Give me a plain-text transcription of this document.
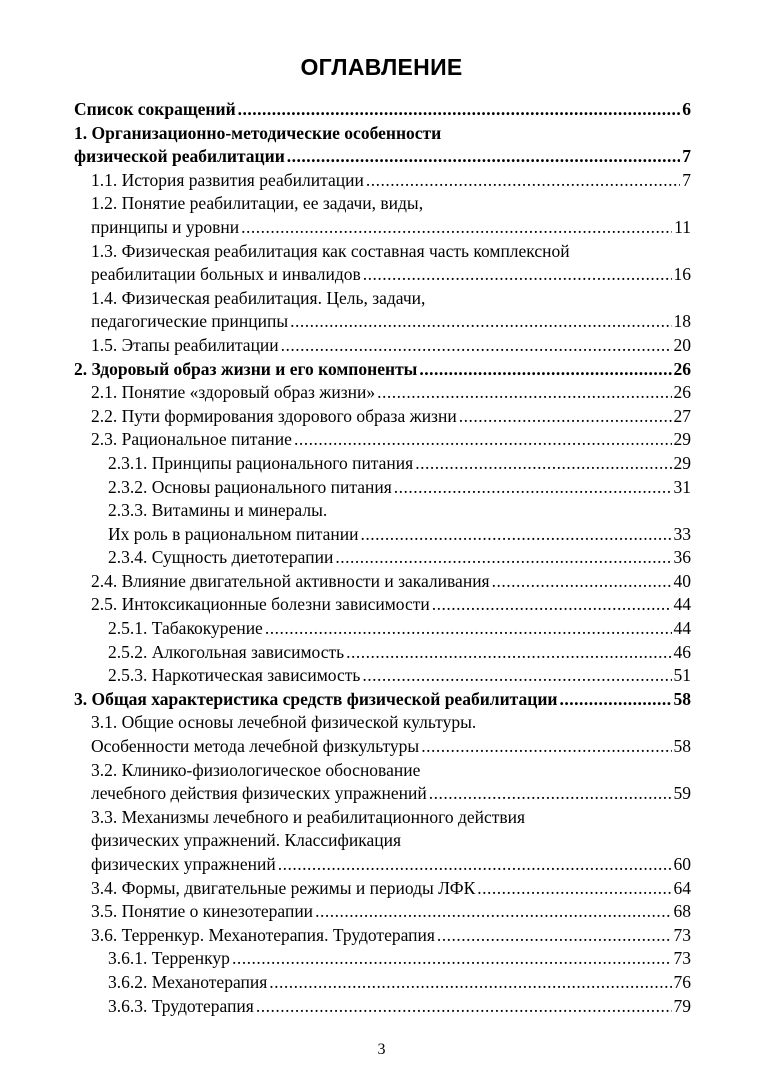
ОГЛАВЛЕНИЕ
Список сокращений .....	6
1. Организационно-методические особенности
физической реабилитации .....	7
1.1. История развития реабилитации .....	7
1.2. Понятие реабилитации, ее задачи, виды,
принципы и уровни .....	11
1.3. Физическая реабилитация как составная часть комплексной
реабилитации больных и инвалидов .....	16
1.4. Физическая реабилитация. Цель, задачи,
педагогические принципы .....	18
1.5. Этапы реабилитации .....	20
2. Здоровый образ жизни и его компоненты .....	26
2.1. Понятие «здоровый образ жизни» .....	26
2.2. Пути формирования здорового образа жизни .....	27
2.3. Рациональное питание .....	29
2.3.1. Принципы рационального питания .....	29
2.3.2. Основы рационального питания .....	31
2.3.3. Витамины и минералы.
Их роль в рациональном питании .....	33
2.3.4. Сущность диетотерапии .....	36
2.4. Влияние двигательной активности и закаливания .....	40
2.5. Интоксикационные болезни зависимости .....	44
2.5.1. Табакокурение .....	44
2.5.2. Алкогольная зависимость .....	46
2.5.3. Наркотическая зависимость .....	51
3. Общая характеристика средств физической реабилитации .....	58
3.1. Общие основы лечебной физической культуры.
Особенности метода лечебной физкультуры .....	58
3.2. Клинико-физиологическое обоснование
лечебного действия физических упражнений .....	59
3.3. Механизмы лечебного и реабилитационного действия
физических упражнений. Классификация
физических упражнений .....	60
3.4. Формы, двигательные режимы и периоды ЛФК .....	64
3.5. Понятие о кинезотерапии .....	68
3.6. Терренкур. Механотерапия. Трудотерапия .....	73
3.6.1. Терренкур .....	73
3.6.2. Механотерапия .....	76
3.6.3. Трудотерапия .....	79
3
